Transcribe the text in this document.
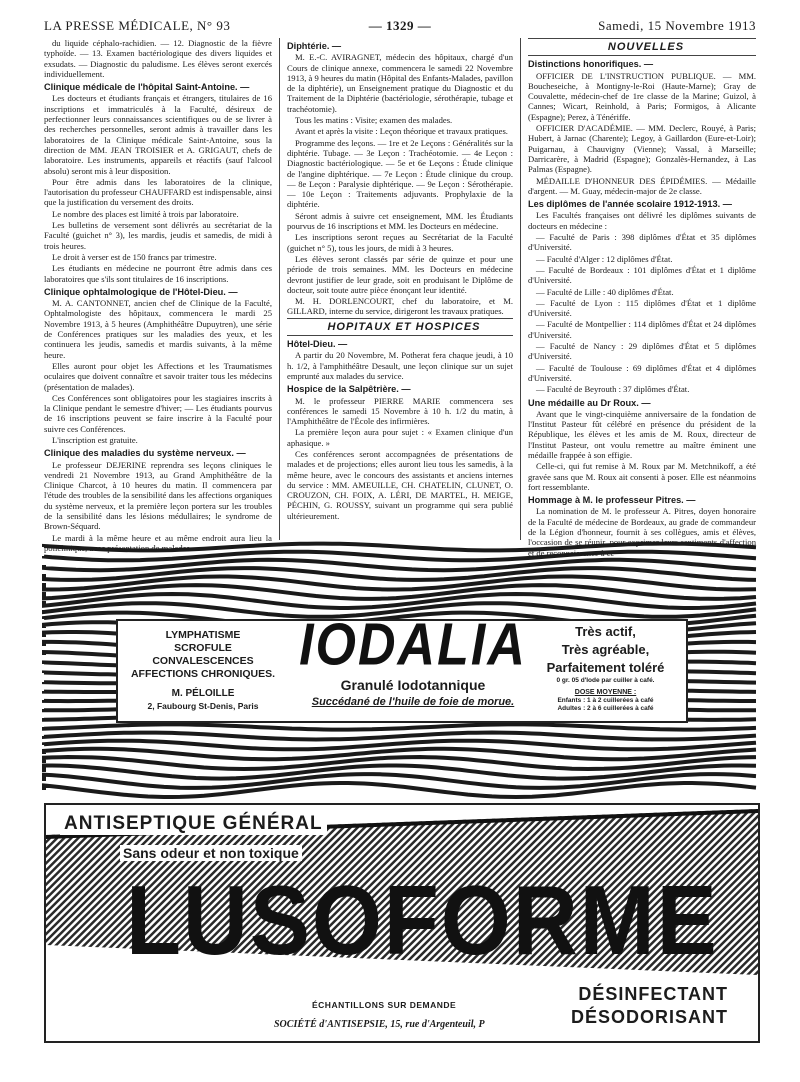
LA PRESSE MÉDICALE, N° 93	— 1329 —	Samedi, 15 Novembre 1913

du liquide céphalo-rachidien. — 12. Diagnostic de la fièvre typhoïde. — 13. Examen bactériologique des divers liquides et exsudats. — Diagnostic du paludisme. Les élèves seront exercés individuellement.

Clinique médicale de l'hôpital Saint-Antoine. —

Les docteurs et étudiants français et étrangers, titulaires de 16 inscriptions et immatriculés à la Faculté, désireux de perfectionner leurs connaissances scientifiques ou de se livrer à des recherches personnelles, seront admis à travailler dans les laboratoires de la Clinique médicale Saint-Antoine, sous la direction de MM. JEAN TROISIER et A. GRIGAUT, chefs de laboratoire. Les instruments, appareils et réactifs (sauf l'alcool absolu) seront mis à leur disposition.

Pour être admis dans les laboratoires de la clinique, l'autorisation du professeur CHAUFFARD est indispensable, ainsi que la justification du versement des droits.

Le nombre des places est limité à trois par laboratoire.

Les bulletins de versement sont délivrés au secrétariat de la Faculté (guichet n° 3), les mardis, jeudis et samedis, de midi à trois heures.

Le droit à verser est de 150 francs par trimestre.

Les étudiants en médecine ne pourront être admis dans ces laboratoires que s'ils sont titulaires de 16 inscriptions.

Clinique ophtalmologique de l'Hôtel-Dieu. —

M. A. CANTONNET, ancien chef de Clinique de la Faculté, Ophtalmologiste des hôpitaux, commencera le mardi 25 Novembre 1913, à 5 heures (Amphithéâtre Dupuytren), une série de Conférences pratiques sur les maladies des yeux, et les continuera les jeudis, samedis et mardis suivants, à la même heure.

Elles auront pour objet les Affections et les Traumatismes oculaires que doivent connaître et savoir traiter tous les médecins (présentation de malades).

Ces Conférences sont obligatoires pour les stagiaires inscrits à la Clinique pendant le semestre d'hiver; — Les étudiants pourvus de 16 inscriptions peuvent se faire inscrire à la Faculté pour suivre ces Conférences.

L'inscription est gratuite.

Clinique des maladies du système nerveux. —

Le professeur DEJERINE reprendra ses leçons cliniques le vendredi 21 Novembre 1913, au Grand Amphithéâtre de la Clinique Charcot, à 10 heures du matin. Il commencera par l'étude des troubles de la sensibilité dans les affections organiques du système nerveux, et la première leçon portera sur les troubles de la sensibilité dans les lésions médullaires; le syndrome de Brown-Séquard.

Le mardi à la même heure et au même endroit aura lieu la policlinique, avec présentation de malades.

Diphtérie. —

M. E.-C. AVIRAGNET, médecin des hôpitaux, chargé d'un Cours de clinique annexe, commencera le samedi 22 Novembre 1913, à 9 heures du matin (Hôpital des Enfants-Malades, pavillon de la diphtérie), un Enseignement pratique du Diagnostic et du Traitement de la Diphtérie (bactériologie, sérothérapie, tubage et trachéotomie).

Tous les matins : Visite; examen des malades.

Avant et après la visite : Leçon théorique et travaux pratiques.

Programme des leçons. — 1re et 2e Leçons : Généralités sur la diphtérie. Tubage. — 3e Leçon : Trachéotomie. — 4e Leçon : Diagnostic bactériologique. — 5e et 6e Leçons : Étude clinique de l'angine diphtérique. — 7e Leçon : Étude clinique du croup. — 8e Leçon : Paralysie diphtérique. — 9e Leçon : Sérothérapie. — 10e Leçon : Traitements adjuvants. Prophylaxie de la diphtérie.

Séront admis à suivre cet enseignement, MM. les Étudiants pourvus de 16 inscriptions et MM. les Docteurs en médecine.

Les inscriptions seront reçues au Secrétariat de la Faculté (guichet n° 5), tous les jours, de midi à 3 heures.

Les élèves seront classés par série de quinze et pour une période de trois semaines. MM. les Docteurs en médecine devront justifier de leur grade, soit en produisant le Diplôme de docteur, soit toute autre pièce énonçant leur identité.

M. H. DORLENCOURT, chef du laboratoire, et M. GILLARD, interne du service, dirigeront les travaux pratiques.

HOPITAUX ET HOSPICES

Hôtel-Dieu. —

A partir du 20 Novembre, M. Potherat fera chaque jeudi, à 10 h. 1/2, à l'amphithéâtre Desault, une leçon clinique sur un sujet emprunté aux malades du service.

Hospice de la Salpêtrière. —

M. le professeur PIERRE MARIE commencera ses conférences le samedi 15 Novembre à 10 h. 1/2 du matin, à l'Amphithéâtre de l'École des infirmières.

La première leçon aura pour sujet : « Examen clinique d'un aphasique. »

Ces conférences seront accompagnées de présentations de malades et de projections; elles auront lieu tous les samedis, à la même heure, avec le concours des assistants et anciens internes du service : MM. AMEUILLE, CH. CHATELIN, CLUNET, O. CROUZON, CH. FOIX, A. LÉRI, DE MARTEL, H. MEIGE, PÉCHIN, G. ROUSSY, suivant un programme qui sera publié ultérieurement.

NOUVELLES

Distinctions honorifiques. —

OFFICIER DE L'INSTRUCTION PUBLIQUE. — MM. Boucheseiche, à Montigny-le-Roi (Haute-Marne); Gray de Couvalette, médecin-chef de 1re classe de la Marine; Guizol, à Cannes; Wicart, Reinhold, à Paris; Formigos, à Alicante (Espagne); Perez, à Ténériffe.

OFFICIER D'ACADÉMIE. — MM. Declerc, Rouyé, à Paris; Hubert, à Jarnac (Charente); Legoy, à Gaillardon (Eure-et-Loir); Puigarnau, à Chauvigny (Vienne); Vassal, à Marseille; Darricarère, à Madrid (Espagne); Gonzalès-Hernandez, à Las Palmas (Espagne).

MÉDAILLE D'HONNEUR DES ÉPIDÉMIES. — Médaille d'argent. — M. Guay, médecin-major de 2e classe.

Les diplômes de l'année scolaire 1912-1913. —

Les Facultés françaises ont délivré les diplômes suivants de docteurs en médecine :

— Faculté de Paris : 398 diplômes d'État et 35 diplômes d'Université.

— Faculté d'Alger : 12 diplômes d'État.

— Faculté de Bordeaux : 101 diplômes d'État et 1 diplôme d'Université.

— Faculté de Lille : 40 diplômes d'État.

— Faculté de Lyon : 115 diplômes d'État et 1 diplôme d'Université.

— Faculté de Montpellier : 114 diplômes d'État et 24 diplômes d'Université.

— Faculté de Nancy : 29 diplômes d'État et 5 diplômes d'Université.

— Faculté de Toulouse : 69 diplômes d'État et 4 diplômes d'Université.

— Faculté de Beyrouth : 37 diplômes d'État.

Une médaille au Dr Roux. —

Avant que le vingt-cinquième anniversaire de la fondation de l'Institut Pasteur fût célébré en présence du président de la République, les élèves et les amis de M. Roux, directeur de l'Institut Pasteur, ont voulu remettre au maître éminent une médaille frappée à son effigie.

Celle-ci, qui fut remise à M. Roux par M. Metchnikoff, a été gravée sans que M. Roux ait consenti à poser. Elle est néanmoins fort ressemblante.

Hommage à M. le professeur Pitres. —

La nomination de M. le professeur A. Pitres, doyen honoraire de la Faculté de médecine de Bordeaux, au grade de commandeur de la Légion d'honneur, fournit à ses collègues, amis et élèves, l'occasion de se réunir, pour exprimer leurs sentiments d'affection et de reconnaissance à ce

LYMPHATISME
SCROFULE
CONVALESCENCES
AFFECTIONS CHRONIQUES.
M. PÉLOILLE
2, Faubourg St-Denis, Paris
IODALIA
Granulé Iodotannique
Succédané de l'huile de foie de morue.
Très actif,
Très agréable,
Parfaitement toléré
0 gr. 05 d'Iode par cuiller à café.
DOSE MOYENNE :
Enfants : 1 à 2 cuillerées à café
Adultes : 2 à 6 cuillerées à café
ANTISEPTIQUE GÉNÉRAL
Sans odeur et non toxique
LUSOFORME
DÉSINFECTANT
DÉSODORISANT
ÉCHANTILLONS SUR DEMANDE
SOCIÉTÉ d'ANTISEPSIE, 15, rue d'Argenteuil, P
